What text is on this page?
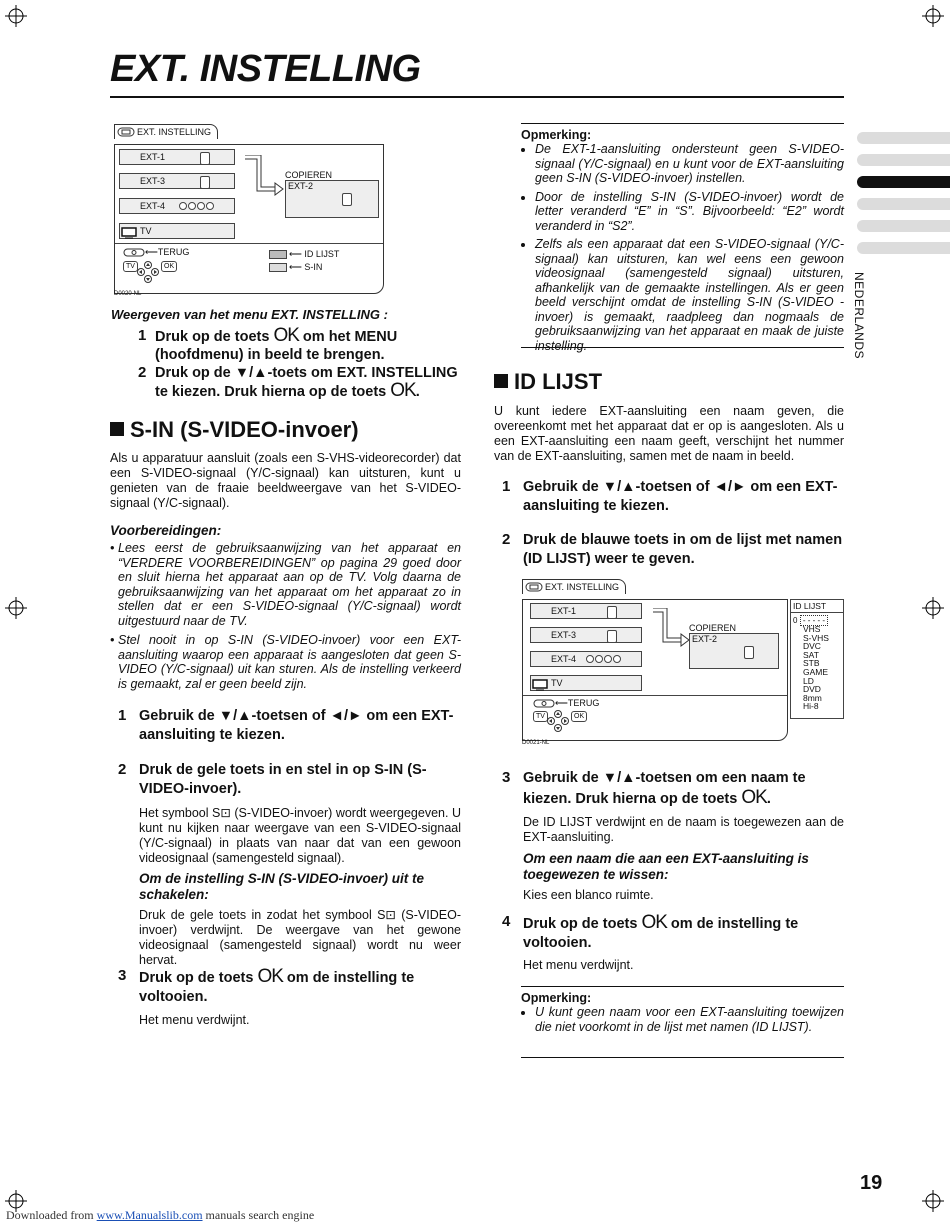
EXT. INSTELLING
NEDERLANDS
EXT. INSTELLING
EXT-1
EXT-3
EXT-4
TV
COPIEREN
EXT-2
⟵TERUG
TV	OK
⟵ ID LIJST
⟵ S-IN
D0020-NL
Weergeven van het menu EXT. INSTELLING :
1 Druk op de toets OK om het MENU (hoofdmenu) in beeld te brengen.
2 Druk op de ▼/▲-toets om EXT. INSTELLING te kiezen. Druk hierna op de toets OK.
S-IN (S-VIDEO-invoer)
Als u apparatuur aansluit (zoals een S-VHS-videorecorder) dat een S-VIDEO-signaal (Y/C-signaal) kan uitsturen, kunt u genieten van de fraaie beeldweergave van het S-VIDEO-signaal (Y/C-signaal).
Voorbereidingen:
• Lees eerst de gebruiksaanwijzing van het apparaat en “VERDERE VOORBEREIDINGEN” op pagina 29 goed door en sluit hierna het apparaat aan op de TV. Volg daarna de gebruiksaanwijzing van het apparaat om het apparaat zo in stellen dat er een S-VIDEO-signaal (Y/C-signaal) wordt uitgestuurd naar de TV.
• Stel nooit in op S-IN (S-VIDEO-invoer) voor een EXT-aansluiting waarop een apparaat is aangesloten dat geen S-VIDEO (Y/C-signaal) uit kan sturen. Als de instelling verkeerd is gemaakt, zal er geen beeld zijn.
1 Gebruik de ▼/▲-toetsen of ◄/► om een EXT-aansluiting te kiezen.
2 Druk de gele toets in en stel in op S-IN (S-VIDEO-invoer).
Het symbool S⊡ (S-VIDEO-invoer) wordt weergegeven. U kunt nu kijken naar weergave van een S-VIDEO-signaal (Y/C-signaal) in plaats van naar dat van een gewoon videosignaal (samengesteld signaal).
Om de instelling S-IN (S-VIDEO-invoer) uit te schakelen:
Druk de gele toets in zodat het symbool S⊡ (S-VIDEO-invoer) verdwijnt. De weergave van het gewone videosignaal (samengesteld signaal) wordt nu weer hervat.
3 Druk op de toets OK om de instelling te voltooien.
Het menu verdwijnt.
Opmerking:
• De EXT-1-aansluiting ondersteunt geen S-VIDEO-signaal (Y/C-signaal) en u kunt voor de EXT-aansluiting geen S-IN (S-VIDEO-invoer) instellen.
• Door de instelling S-IN (S-VIDEO-invoer) wordt de letter veranderd “E” in “S”. Bijvoorbeeld: “E2” wordt veranderd in “S2”.
• Zelfs als een apparaat dat een S-VIDEO-signaal (Y/C-signaal) kan uitsturen, kan wel eens een gewoon videosignaal (samengesteld signaal) uitsturen, afhankelijk van de gemaakte instellingen. Als er geen beeld verschijnt omdat de instelling S-IN (S-VIDEO -invoer) is gemaakt, raadpleeg dan nogmaals de gebruiksaanwijzing van het apparaat en maak de juiste instelling.
ID LIJST
U kunt iedere EXT-aansluiting een naam geven, die overeenkomt met het apparaat dat er op is aangesloten. Als u een EXT-aansluiting een naam geeft, verschijnt het nummer van de EXT-aansluiting, samen met de naam in beeld.
1 Gebruik de ▼/▲-toetsen of ◄/► om een EXT-aansluiting te kiezen.
2 Druk de blauwe toets in om de lijst met namen (ID LIJST) weer te geven.
EXT. INSTELLING
EXT-1
EXT-3
EXT-4
TV
COPIEREN
EXT-2
⟵TERUG
TV	OK
ID LIJST
0 - - - - -
VHS
S-VHS
DVC
SAT
STB
GAME
LD
DVD
8mm
Hi-8
D0021-NL
3 Gebruik de ▼/▲-toetsen om een naam te kiezen. Druk hierna op de toets OK.
De ID LIJST verdwijnt en de naam is toegewezen aan de EXT-aansluiting.
Om een naam die aan een EXT-aansluiting is toegewezen te wissen:
Kies een blanco ruimte.
4 Druk op de toets OK om de instelling te voltooien.
Het menu verdwijnt.
Opmerking:
• U kunt geen naam voor een EXT-aansluiting toewijzen die niet voorkomt in de lijst met namen (ID LIJST).
19
Downloaded from www.Manualslib.com manuals search engine
